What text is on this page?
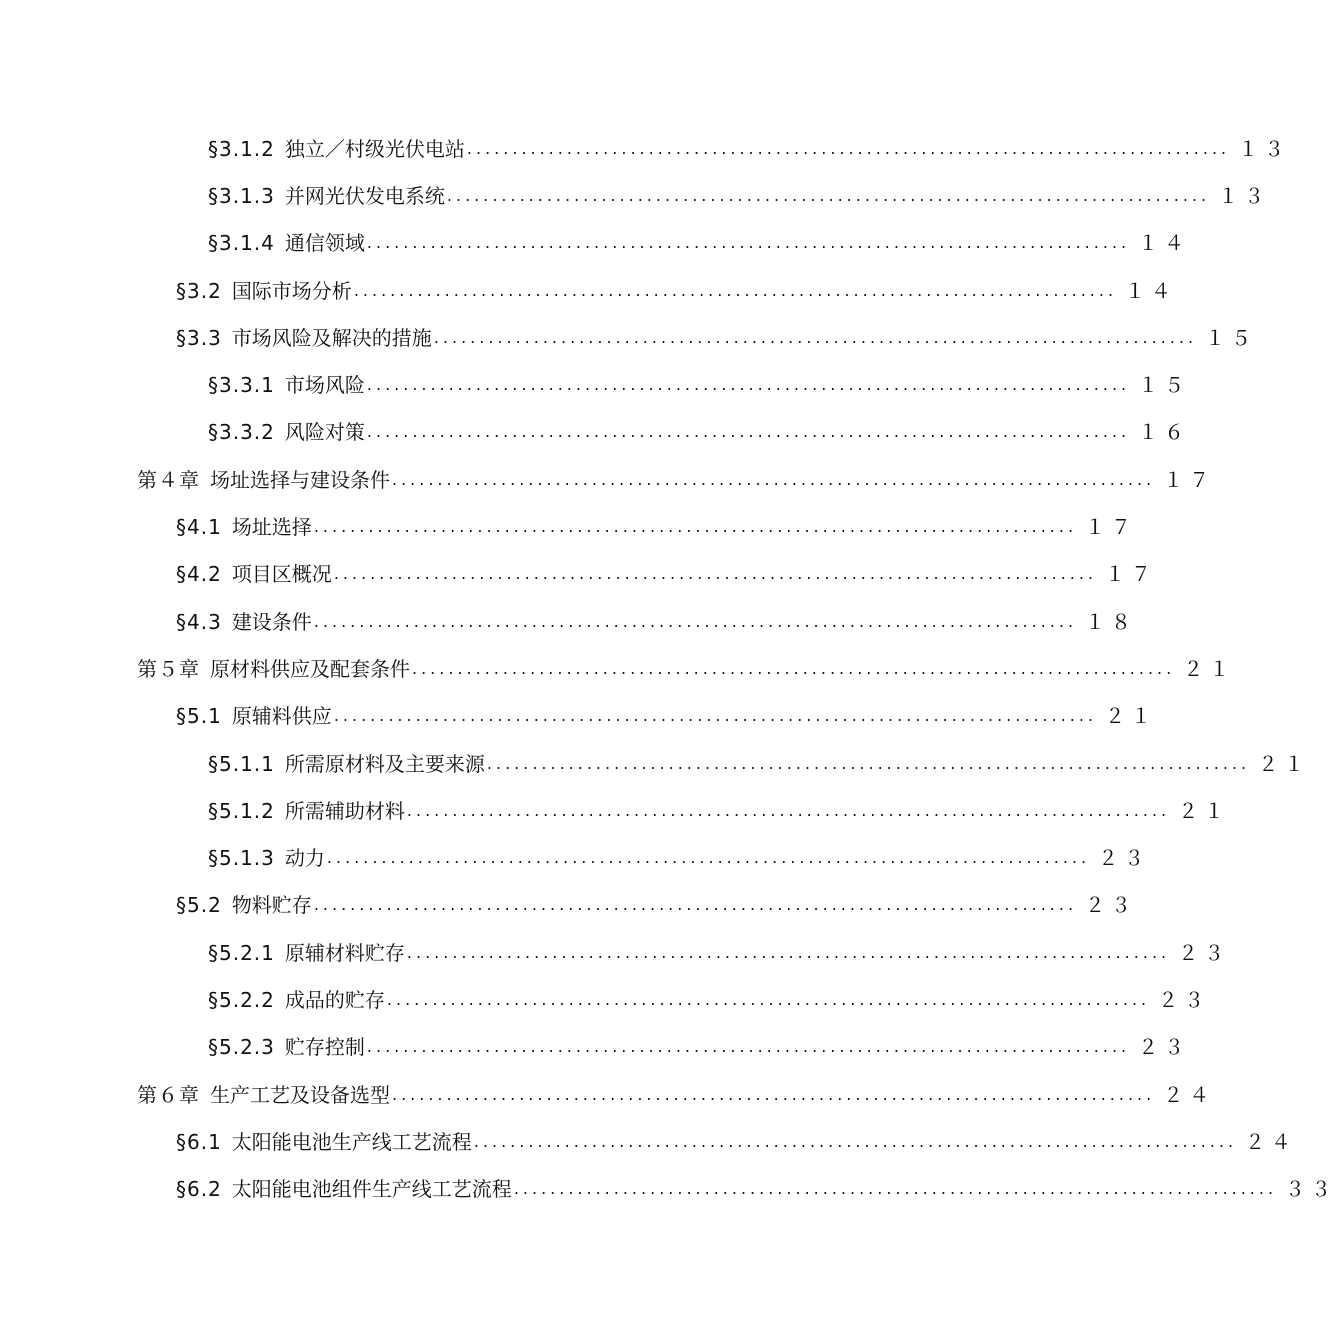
§3.1.2 独立／村级光伏电站 .................................................................................... １３
§3.1.3 并网光伏发电系统 .................................................................................... １３
§3.1.4 通信领域 .................................................................................... １４
§3.2 国际市场分析 .................................................................................... １４
§3.3 市场风险及解决的措施 .................................................................................... １５
§3.3.1 市场风险 .................................................................................... １５
§3.3.2 风险对策 .................................................................................... １６
第４章 场址选择与建设条件 .................................................................................... １７
§4.1 场址选择 .................................................................................... １７
§4.2 项目区概况 .................................................................................... １７
§4.3 建设条件 .................................................................................... １８
第５章 原材料供应及配套条件 .................................................................................... ２１
§5.1 原辅料供应 .................................................................................... ２１
§5.1.1 所需原材料及主要来源 .................................................................................... ２１
§5.1.2 所需辅助材料 .................................................................................... ２１
§5.1.3 动力 .................................................................................... ２３
§5.2 物料贮存 .................................................................................... ２３
§5.2.1 原辅材料贮存 .................................................................................... ２３
§5.2.2 成品的贮存 .................................................................................... ２３
§5.2.3 贮存控制 .................................................................................... ２３
第６章 生产工艺及设备选型 .................................................................................... ２４
§6.1 太阳能电池生产线工艺流程 .................................................................................... ２４
§6.2 太阳能电池组件生产线工艺流程 .................................................................................... ３３
